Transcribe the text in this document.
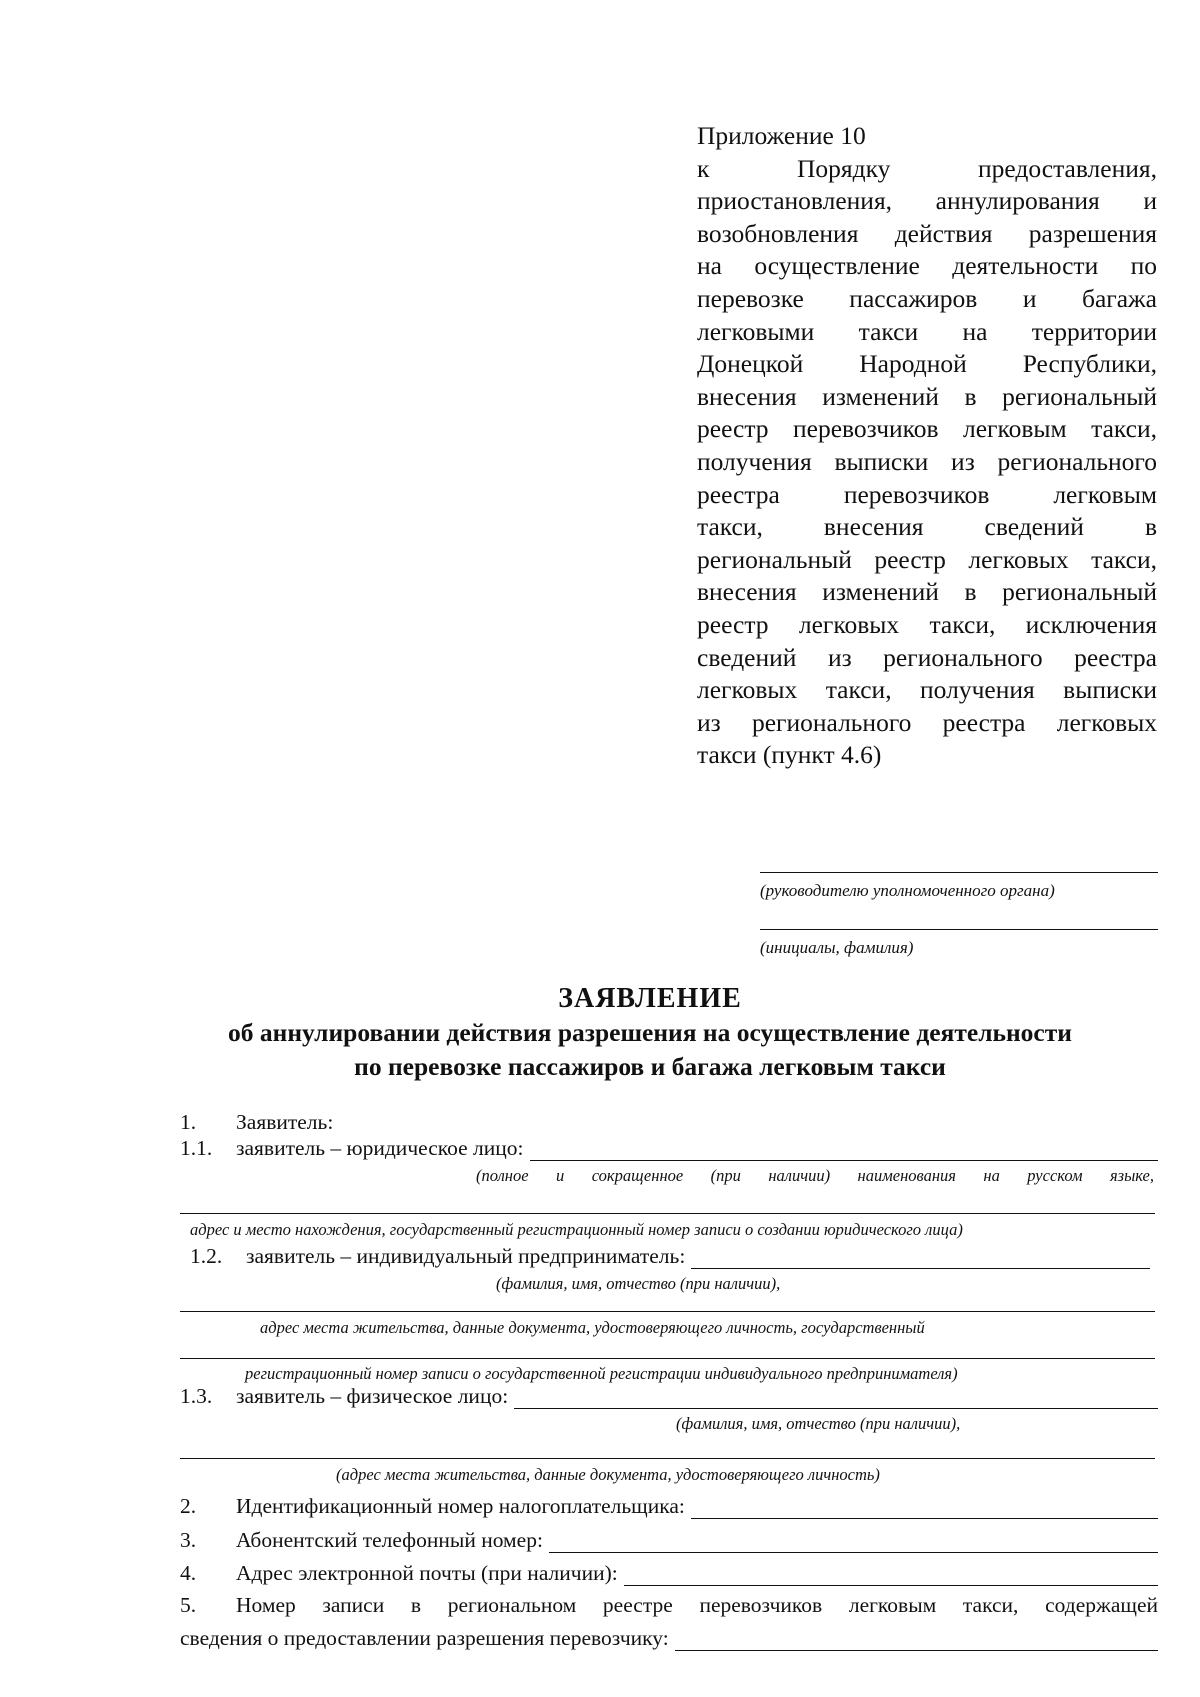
Приложение 10
к Порядку предоставления,
приостановления, аннулирования и
возобновления действия разрешения
на осуществление деятельности по
перевозке пассажиров и багажа
легковыми такси на территории
Донецкой Народной Республики,
внесения изменений в региональный
реестр перевозчиков легковым такси,
получения выписки из регионального
реестра перевозчиков легковым
такси, внесения сведений в
региональный реестр легковых такси,
внесения изменений в региональный
реестр легковых такси, исключения
сведений из регионального реестра
легковых такси, получения выписки
из регионального реестра легковых
такси (пункт 4.6)
(руководителю уполномоченного органа)
(инициалы, фамилия)
ЗАЯВЛЕНИЕ
об аннулировании действия разрешения на осуществление деятельности
по перевозке пассажиров и багажа легковым такси
1.	Заявитель:
1.1.	заявитель – юридическое лицо:
(полное и сокращенное (при наличии) наименования на русском языке,
адрес и место нахождения, государственный регистрационный номер записи о создании юридического лица)
1.2.	заявитель – индивидуальный предприниматель:
(фамилия, имя, отчество (при наличии),
адрес места жительства, данные документа, удостоверяющего личность, государственный
регистрационный номер записи о государственной регистрации индивидуального предпринимателя)
1.3.	заявитель – физическое лицо:
(фамилия, имя, отчество (при наличии),
(адрес места жительства, данные документа, удостоверяющего личность)
2.	Идентификационный номер налогоплательщика:
3.	Абонентский телефонный номер:
4.	Адрес электронной почты (при наличии):
5.	Номер записи в региональном реестре перевозчиков легковым такси, содержащей
сведения о предоставлении разрешения перевозчику:
